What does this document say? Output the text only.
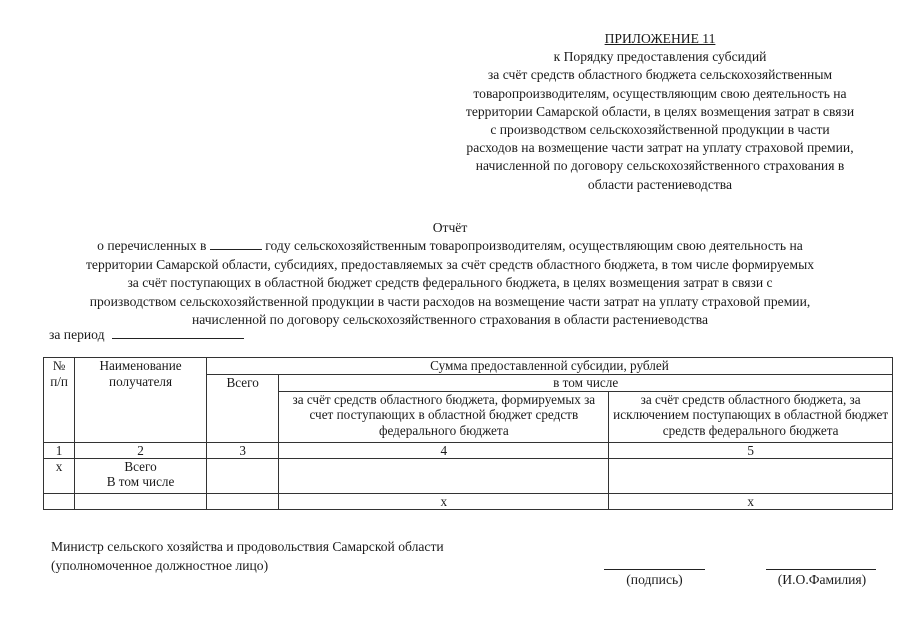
ПРИЛОЖЕНИЕ 11
к Порядку предоставления субсидий
за счёт средств областного бюджета сельскохозяйственным
товаропроизводителям, осуществляющим свою деятельность на
территории Самарской области, в целях возмещения затрат в связи
с производством сельскохозяйственной продукции в части
расходов на возмещение части затрат на уплату страховой премии,
начисленной по договору сельскохозяйственного страхования в
области растениеводства
Отчёт
о перечисленных в	году сельскохозяйственным товаропроизводителям, осуществляющим свою деятельность на
территории Самарской области, субсидиях, предоставляемых за счёт средств областного бюджета, в том числе формируемых
за счёт поступающих в областной бюджет средств федерального бюджета, в целях возмещения затрат в связи с
производством сельскохозяйственной продукции в части расходов на возмещение части затрат на уплату страховой премии,
начисленной по договору сельскохозяйственного страхования в области растениеводства
за период
№ п/п	Наименование получателя	Сумма предоставленной субсидии, рублей		
		Всего	в том числе	
			за счёт средств областного бюджета, формируемых за счет поступающих в областной бюджет средств федерального бюджета	за счёт средств областного бюджета, за исключением поступающих в областной бюджет средств федерального бюджета
1	2	3	4	5
x	Всего
В том числе			

			x	x
Министр сельского хозяйства и продовольствия Самарской области
(уполномоченное должностное лицо)
(подпись)	(И.О.Фамилия)
